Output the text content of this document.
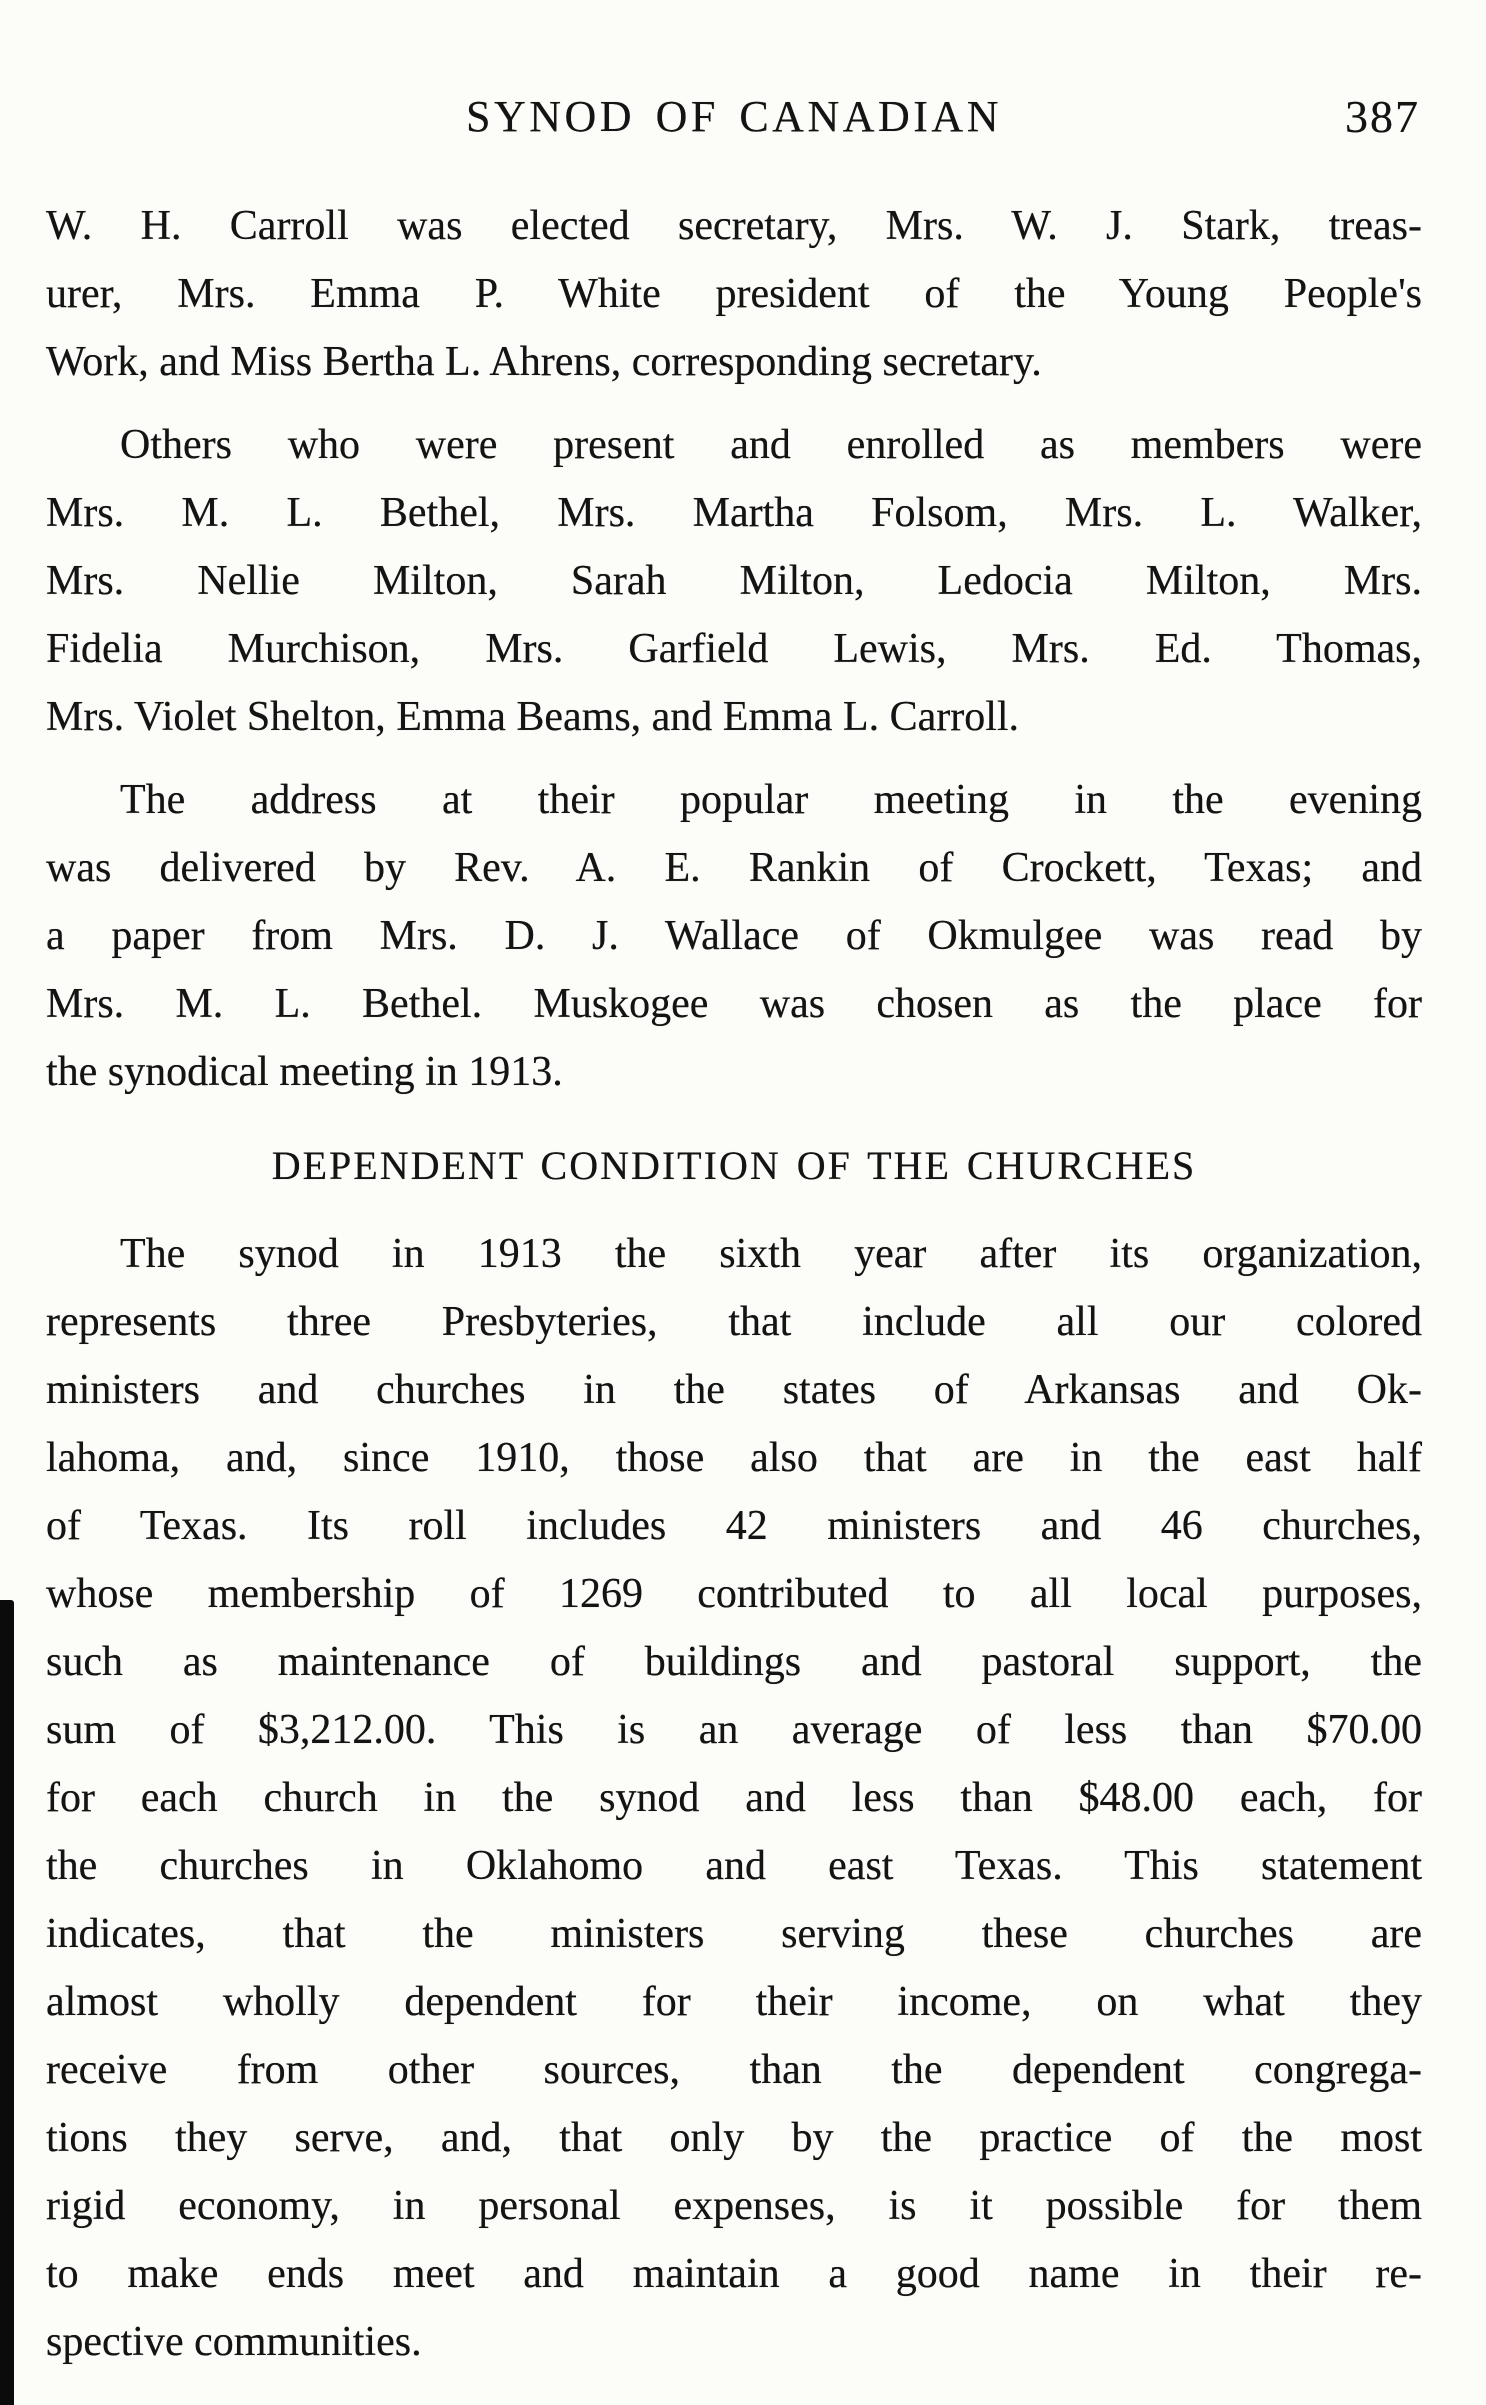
SYNOD OF CANADIAN	387
W. H. Carroll was elected secretary, Mrs. W. J. Stark, treas-
urer, Mrs. Emma P. White president of the Young People's
Work, and Miss Bertha L. Ahrens, corresponding secretary.
Others who were present and enrolled as members were
Mrs. M. L. Bethel, Mrs. Martha Folsom, Mrs. L. Walker,
Mrs. Nellie Milton, Sarah Milton, Ledocia Milton, Mrs.
Fidelia Murchison, Mrs. Garfield Lewis, Mrs. Ed. Thomas,
Mrs. Violet Shelton, Emma Beams, and Emma L. Carroll.
The address at their popular meeting in the evening
was delivered by Rev. A. E. Rankin of Crockett, Texas; and
a paper from Mrs. D. J. Wallace of Okmulgee was read by
Mrs. M. L. Bethel. Muskogee was chosen as the place for
the synodical meeting in 1913.
DEPENDENT CONDITION OF THE CHURCHES
The synod in 1913 the sixth year after its organization,
represents three Presbyteries, that include all our colored
ministers and churches in the states of Arkansas and Ok-
lahoma, and, since 1910, those also that are in the east half
of Texas. Its roll includes 42 ministers and 46 churches,
whose membership of 1269 contributed to all local purposes,
such as maintenance of buildings and pastoral support, the
sum of $3,212.00. This is an average of less than $70.00
for each church in the synod and less than $48.00 each, for
the churches in Oklahomo and east Texas. This statement
indicates, that the ministers serving these churches are
almost wholly dependent for their income, on what they
receive from other sources, than the dependent congrega-
tions they serve, and, that only by the practice of the most
rigid economy, in personal expenses, is it possible for them
to make ends meet and maintain a good name in their re-
spective communities.
